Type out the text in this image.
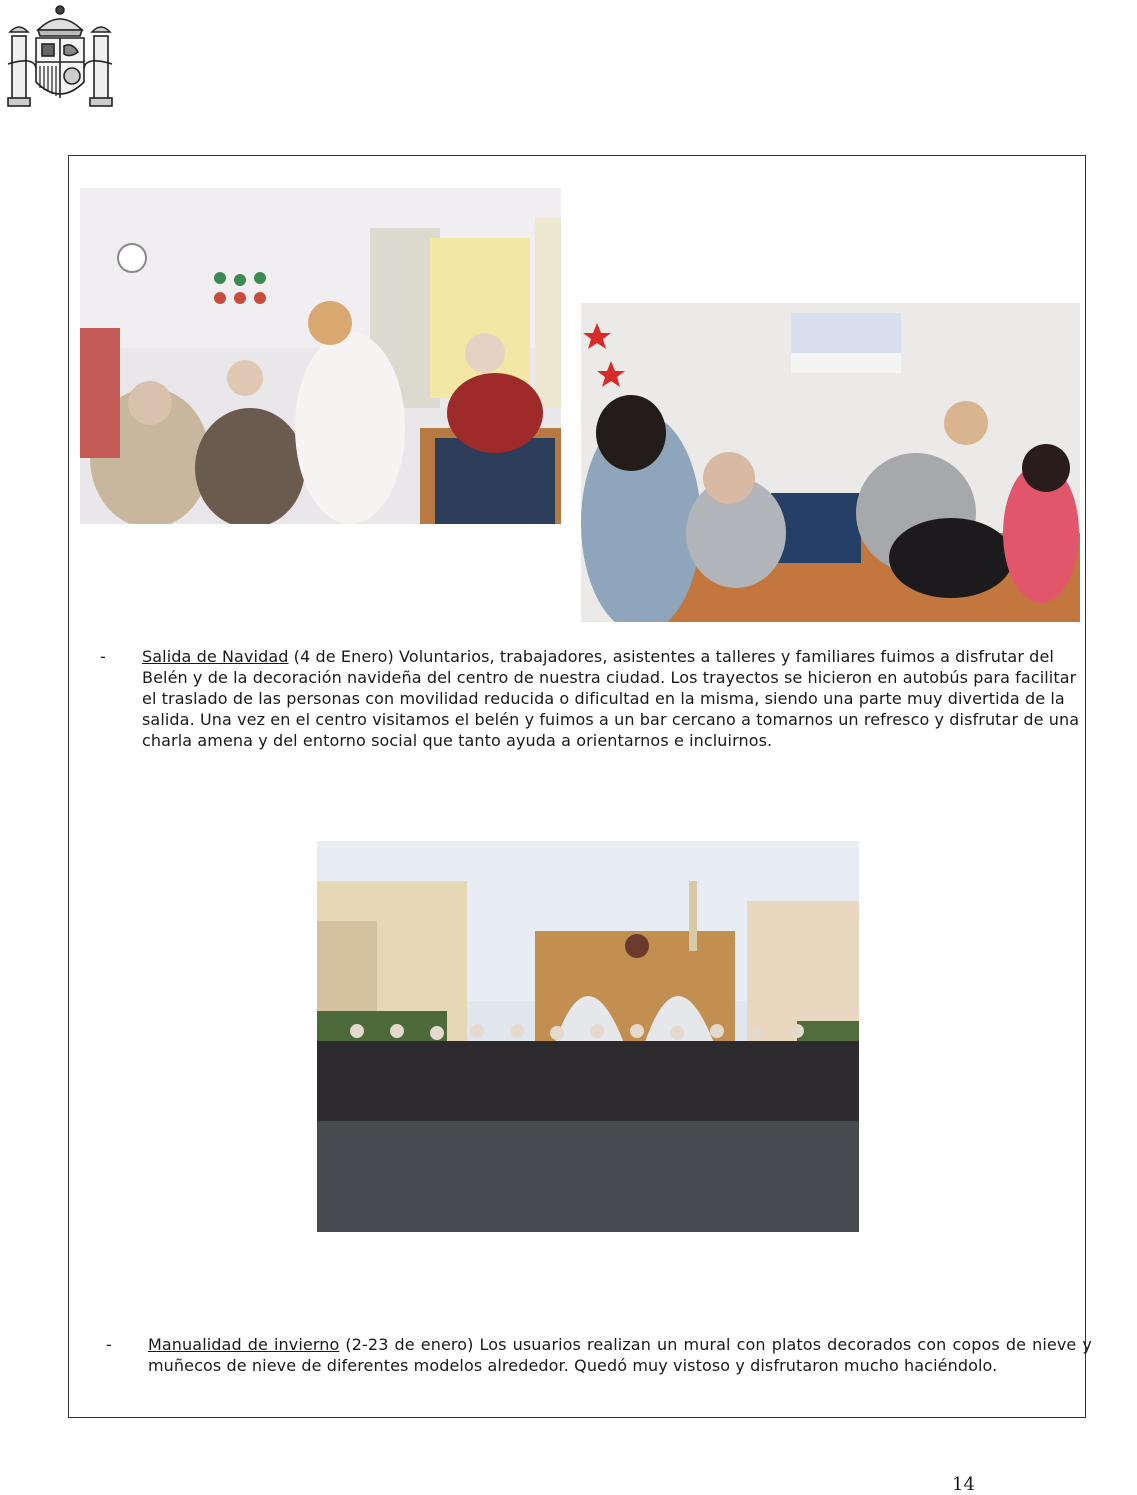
- Salida de Navidad (4 de Enero) Voluntarios, trabajadores, asistentes a talleres y familiares fuimos a disfrutar del Belén y de la decoración navideña del centro de nuestra ciudad. Los trayectos se hicieron en autobús para facilitar el traslado de las personas con movilidad reducida o dificultad en la misma, siendo una parte muy divertida de la salida. Una vez en el centro visitamos el belén y fuimos a un bar cercano a tomarnos un refresco y disfrutar de una charla amena y del entorno social que tanto ayuda a orientarnos e incluirnos.
- Manualidad de invierno (2-23 de enero) Los usuarios realizan un mural con platos decorados con copos de nieve y muñecos de nieve de diferentes modelos alrededor. Quedó muy vistoso y disfrutaron mucho haciéndolo.
14
